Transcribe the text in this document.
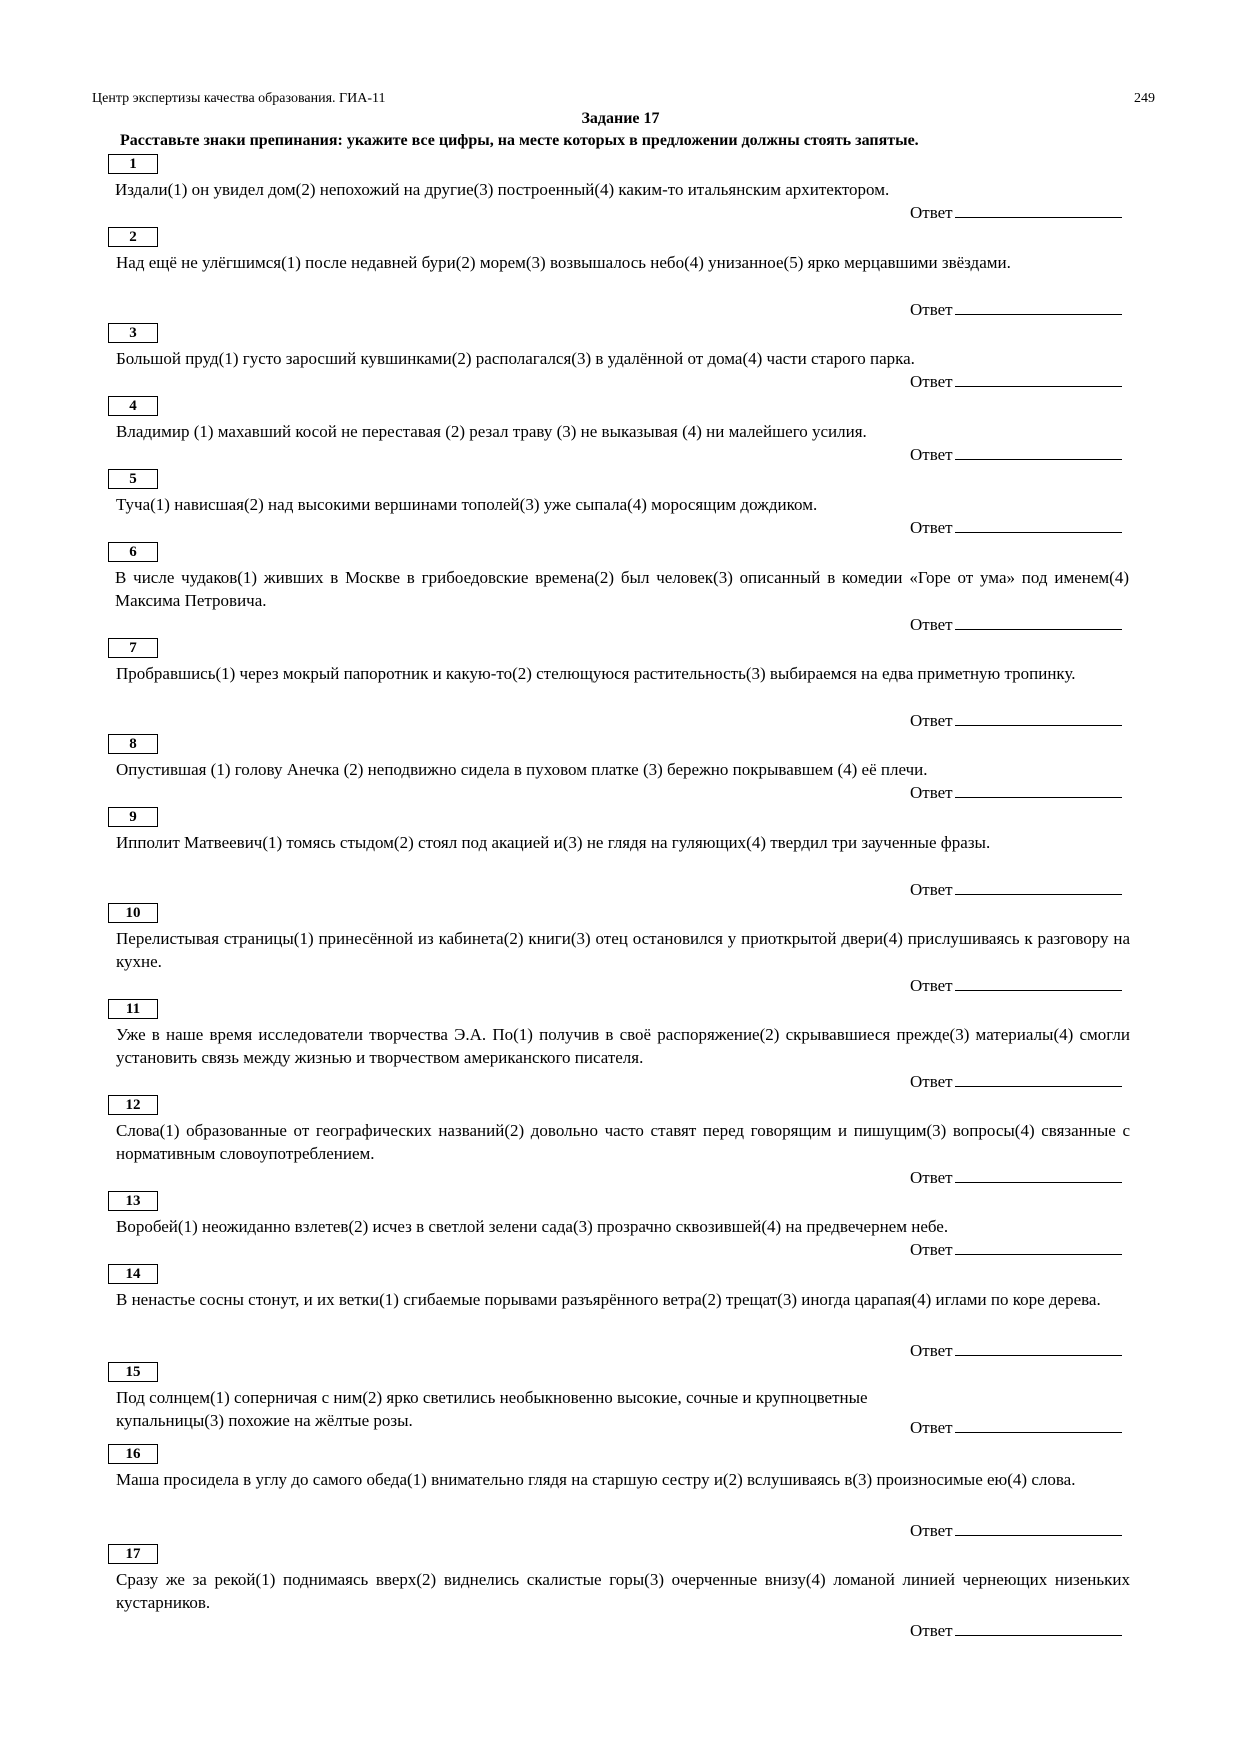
Центр экспертизы качества образования. ГИА-11	249
Задание 17
Расставьте знаки препинания: укажите все цифры, на месте которых в предложении должны стоять запятые.
1
Издали(1) он увидел дом(2) непохожий на другие(3) построенный(4) каким-то итальянским архитектором.
Ответ
2
Над ещё не улёгшимся(1) после недавней бури(2) морем(3) возвышалось небо(4) унизанное(5) ярко мерцавшими звёздами.
Ответ
3
Большой пруд(1) густо заросший кувшинками(2) располагался(3) в удалённой от дома(4) части старого парка.
Ответ
4
Владимир (1) махавший косой не переставая (2) резал траву (3) не выказывая (4) ни малейшего усилия.
Ответ
5
Туча(1) нависшая(2) над высокими вершинами тополей(3) уже сыпала(4) моросящим дождиком.
Ответ
6
В числе чудаков(1) живших в Москве в грибоедовские времена(2) был человек(3) описанный в комедии «Горе от ума» под именем(4) Максима Петровича.
Ответ
7
Пробравшись(1) через мокрый папоротник и какую-то(2) стелющуюся растительность(3) выбираемся на едва приметную тропинку.
Ответ
8
Опустившая (1) голову Анечка (2) неподвижно сидела в пуховом платке (3) бережно покрывавшем (4) её плечи.
Ответ
9
Ипполит Матвеевич(1) томясь стыдом(2) стоял под акацией и(3) не глядя на гуляющих(4) твердил три заученные фразы.
Ответ
10
Перелистывая страницы(1) принесённой из кабинета(2) книги(3) отец остановился у приоткрытой двери(4) прислушиваясь к разговору на кухне.
Ответ
11
Уже в наше время исследователи творчества Э.А. По(1) получив в своё распоряжение(2) скрывавшиеся прежде(3) материалы(4) смогли установить связь между жизнью и творчеством американского писателя.
Ответ
12
Слова(1) образованные от географических названий(2) довольно часто ставят перед говорящим и пишущим(3) вопросы(4) связанные с нормативным словоупотреблением.
Ответ
13
Воробей(1) неожиданно взлетев(2) исчез в светлой зелени сада(3) прозрачно сквозившей(4) на предвечернем небе.
Ответ
14
В ненастье сосны стонут, и их ветки(1) сгибаемые порывами разъярённого ветра(2) трещат(3) иногда царапая(4) иглами по коре дерева.
Ответ
15
Под солнцем(1) соперничая с ним(2) ярко светились необыкновенно высокие, сочные и крупноцветные купальницы(3) похожие на жёлтые розы.	Ответ
16
Маша просидела в углу до самого обеда(1) внимательно глядя на старшую сестру и(2) вслушиваясь в(3) произносимые ею(4) слова.
Ответ
17
Сразу же за рекой(1) поднимаясь вверх(2) виднелись скалистые горы(3) очерченные внизу(4) ломаной линией чернеющих низеньких кустарников.
Ответ
